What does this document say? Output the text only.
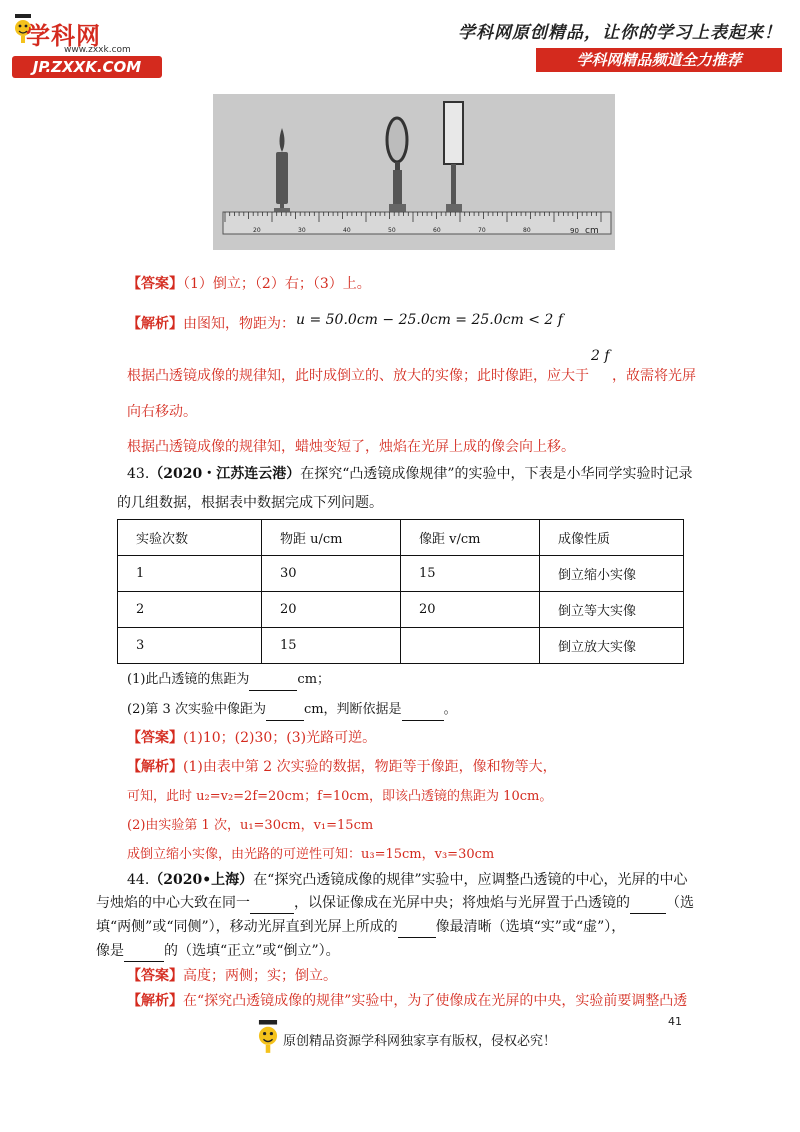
学科网
www.zxxk.com
JP.ZXXK.COM
学科网原创精品，让你的学习上表起来！
学科网精品频道全力推荐
20	30	40	50	60	70	80	90 cm
【答案】（1）倒立；（2）右；（3）上。
【解析】由图知，物距为： u = 50.0cm − 25.0cm = 25.0cm < 2 f
根据凸透镜成像的规律知，此时成倒立的、放大的实像；此时像距，应大于
2 f
，故需将光屏
向右移动。
根据凸透镜成像的规律知，蜡烛变短了，烛焰在光屏上成的像会向上移。
43.（2020・江苏连云港）在探究“凸透镜成像规律”的实验中，下表是小华同学实验时记录
的几组数据，根据表中数据完成下列问题。
实验次数	物距 u/cm	像距 v/cm	成像性质
1	30	15	倒立缩小实像
2	20	20	倒立等大实像
3	15		倒立放大实像
(1)此凸透镜的焦距为	cm；
(2)第 3 次实验中像距为	cm，判断依据是	。
【答案】(1)10；(2)30；(3)光路可逆。
【解析】(1)由表中第 2 次实验的数据，物距等于像距，像和物等大，
可知，此时 u₂=v₂=2f=20cm；f=10cm，即该凸透镜的焦距为 10cm。
(2)由实验第 1 次，u₁=30cm，v₁=15cm
成倒立缩小实像，由光路的可逆性可知：u₃=15cm，v₃=30cm
44.（2020•上海）在“探究凸透镜成像的规律”实验中，应调整凸透镜的中心，光屏的中心
与烛焰的中心大致在同一	，以保证像成在光屏中央；将烛焰与光屏置于凸透镜的	（选
填“两侧”或“同侧”），移动光屏直到光屏上所成的	像最清晰（选填“实”或“虚”），
像是	的（选填“正立”或“倒立”）。
【答案】高度；两侧；实；倒立。
【解析】在“探究凸透镜成像的规律”实验中，为了使像成在光屏的中央，实验前要调整凸透
41
原创精品资源学科网独家享有版权，侵权必究！
